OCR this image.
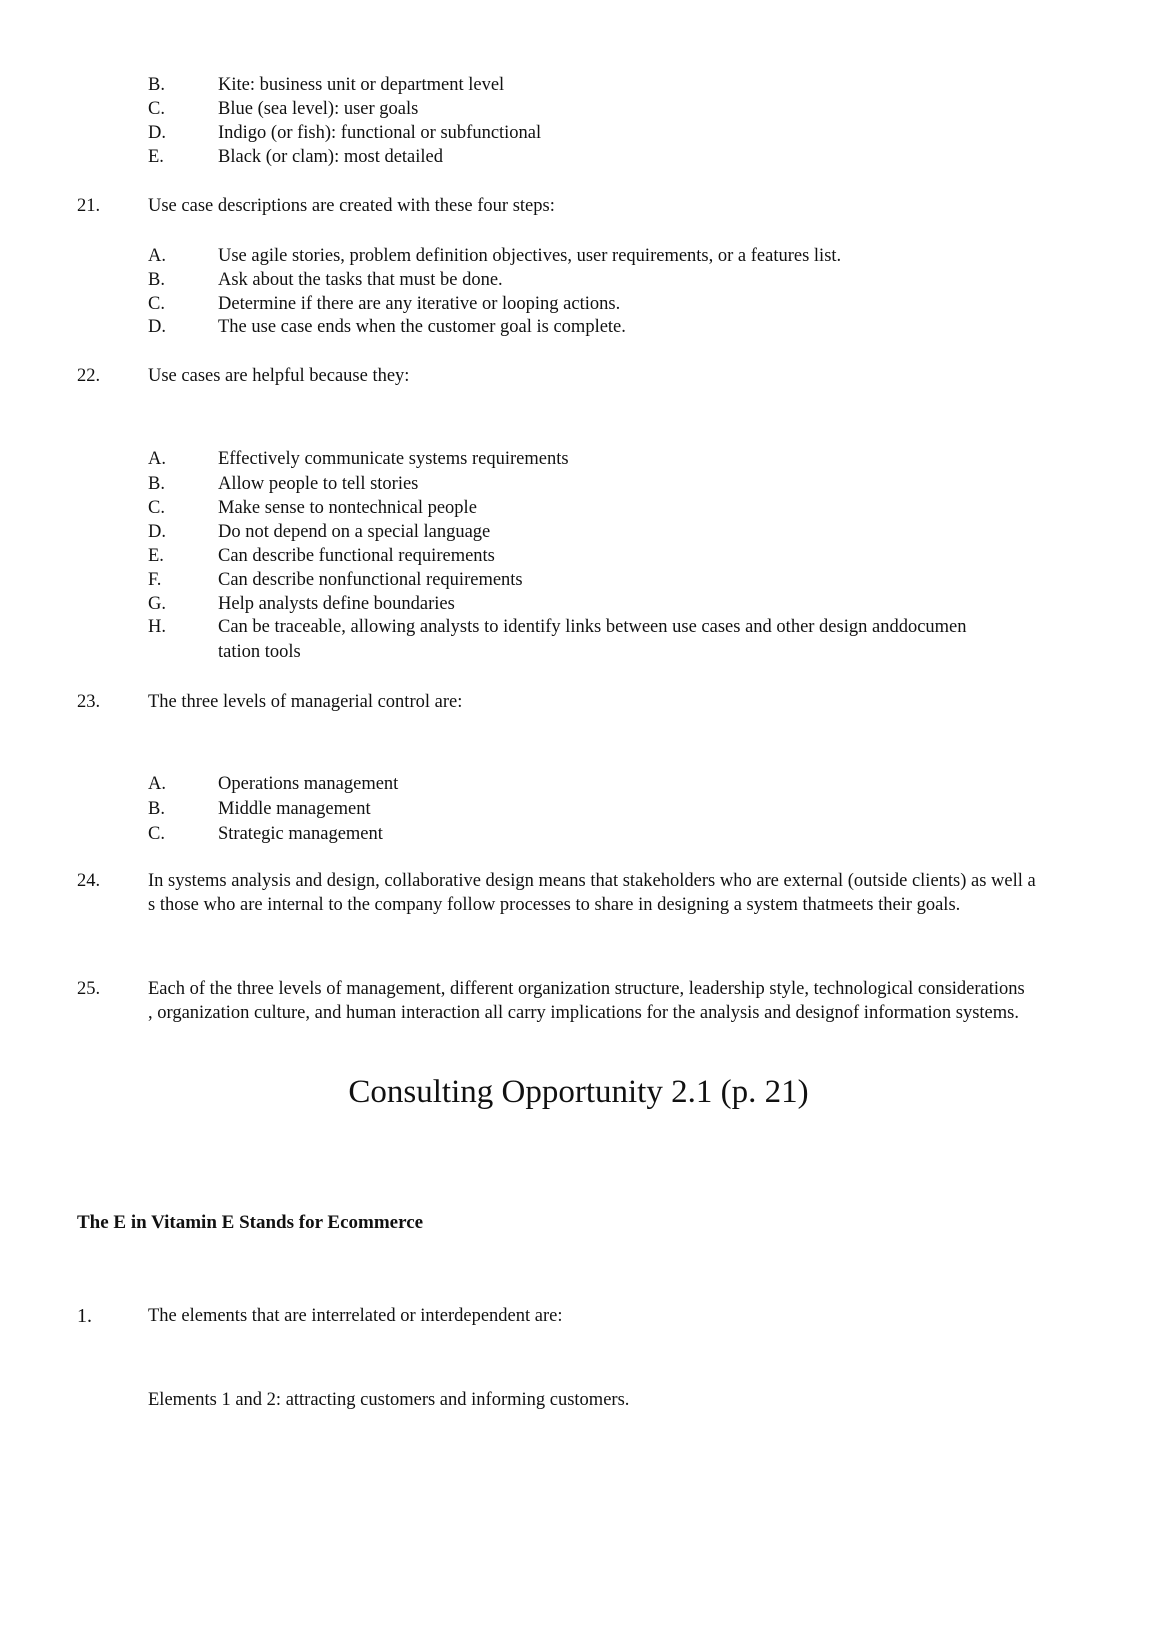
B.	Kite: business unit or department level
C.	Blue (sea level): user goals
D.	Indigo (or fish): functional or subfunctional
E.	Black (or clam): most detailed
21.	Use case descriptions are created with these four steps:
A.	Use agile stories, problem definition objectives, user requirements, or a features list.
B.	Ask about the tasks that must be done.
C.	Determine if there are any iterative or looping actions.
D.	The use case ends when the customer goal is complete.
22.	Use cases are helpful because they:
A.	Effectively communicate systems requirements
B.	Allow people to tell stories
C.	Make sense to nontechnical people
D.	Do not depend on a special language
E.	Can describe functional requirements
F.	Can describe nonfunctional requirements
G.	Help analysts define boundaries
H.	Can be traceable, allowing analysts to identify links between use cases and other design anddocumen
tation tools
23.	The three levels of managerial control are:
A.	Operations management
B.	Middle management
C.	Strategic management
24.	In systems analysis and design, collaborative design means that stakeholders who are external (outside clients) as well a
s those who are internal to the company follow processes to share in designing a system thatmeets their goals.
25.	Each of the three levels of management, different organization structure, leadership style, technological considerations
, organization culture, and human interaction all carry implications for the analysis and designof information systems.
Consulting Opportunity 2.1 (p. 21)
The E in Vitamin E Stands for Ecommerce
1.	The elements that are interrelated or interdependent are:
Elements 1 and 2: attracting customers and informing customers.
